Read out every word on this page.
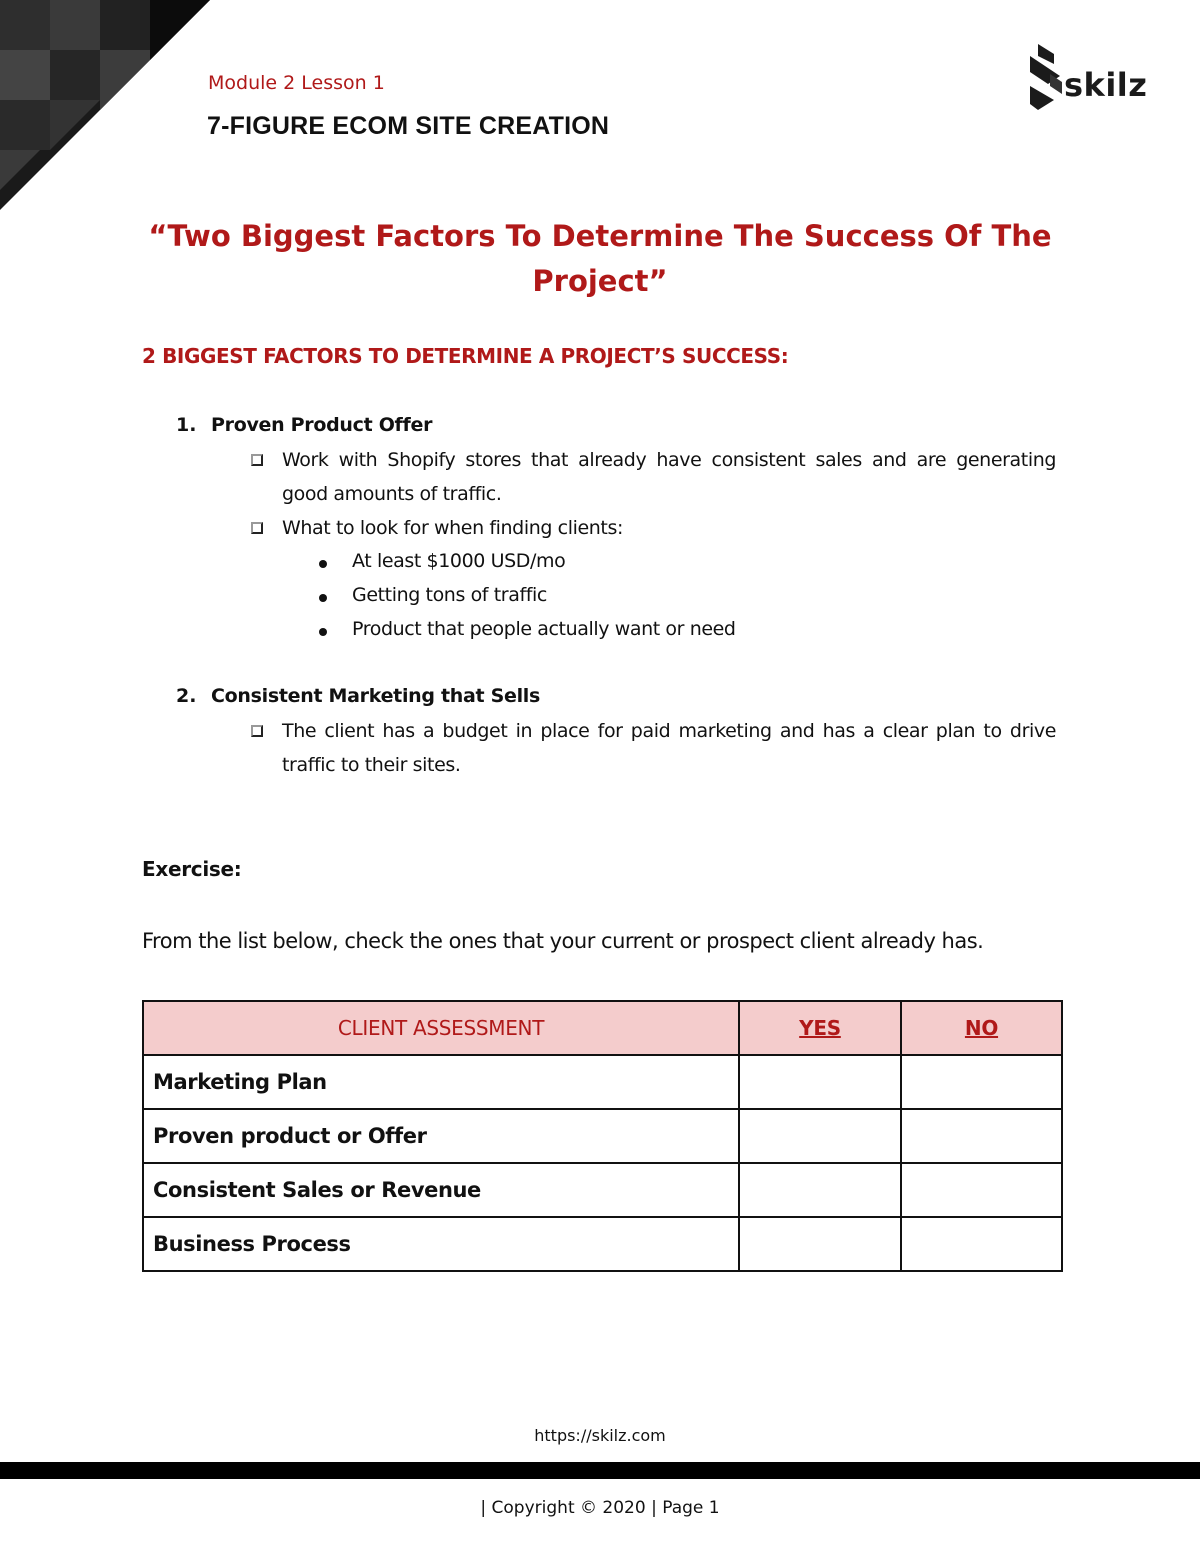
Module 2 Lesson 1
7-FIGURE ECOM SITE CREATION
skilz
“Two Biggest Factors To Determine The Success Of The
Project”
2 BIGGEST FACTORS TO DETERMINE A PROJECT’S SUCCESS:
1. Proven Product Offer
Work with Shopify stores that already have consistent sales and are generating good amounts of traffic.
What to look for when finding clients:
At least $1000 USD/mo
Getting tons of traffic
Product that people actually want or need
2. Consistent Marketing that Sells
The client has a budget in place for paid marketing and has a clear plan to drive traffic to their sites.
Exercise:
From the list below, check the ones that your current or prospect client already has.
CLIENT ASSESSMENT	YES	NO
Marketing Plan		
Proven product or Offer		
Consistent Sales or Revenue		
Business Process		
https://skilz.com
| Copyright © 2020 | Page 1
